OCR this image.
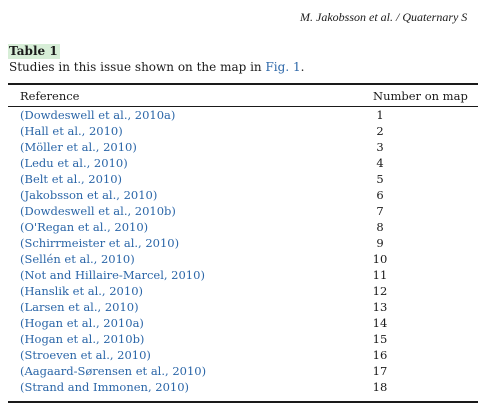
M. Jakobsson et al. / Quaternary S
Table 1
Studies in this issue shown on the map in Fig. 1.
Reference	Number on map
(Dowdeswell et al., 2010a)	1
(Hall et al., 2010)	2
(Möller et al., 2010)	3
(Ledu et al., 2010)	4
(Belt et al., 2010)	5
(Jakobsson et al., 2010)	6
(Dowdeswell et al., 2010b)	7
(O'Regan et al., 2010)	8
(Schirrmeister et al., 2010)	9
(Sellén et al., 2010)	10
(Not and Hillaire-Marcel, 2010)	11
(Hanslik et al., 2010)	12
(Larsen et al., 2010)	13
(Hogan et al., 2010a)	14
(Hogan et al., 2010b)	15
(Stroeven et al., 2010)	16
(Aagaard-Sørensen et al., 2010)	17
(Strand and Immonen, 2010)	18
